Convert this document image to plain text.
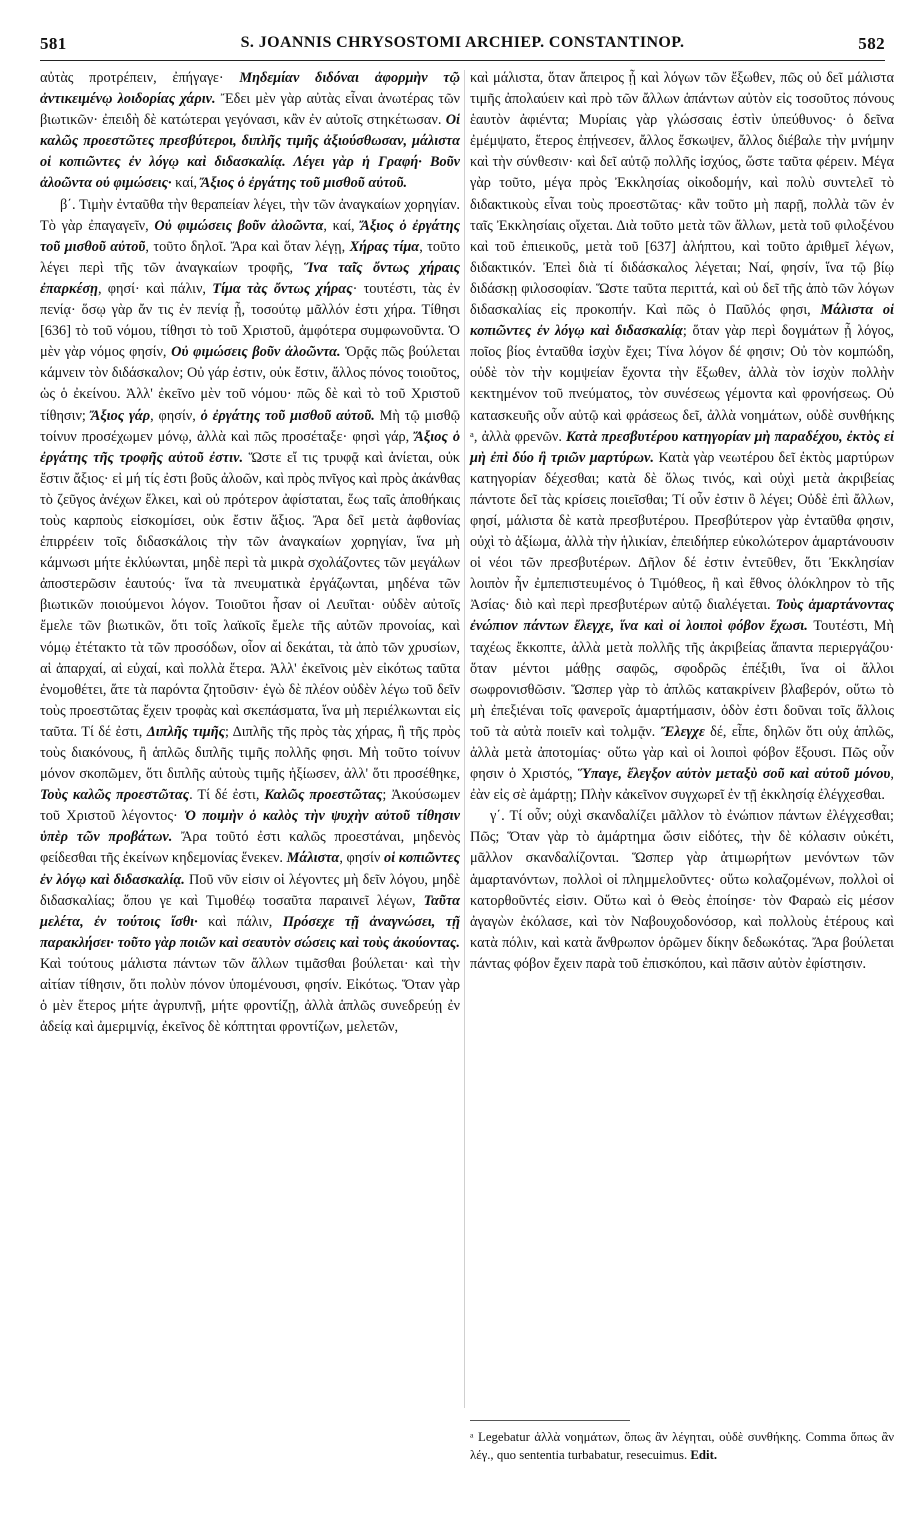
581	S. JOANNIS CHRYSOSTOMI ARCHIEP. CONSTANTINOP.	582

αὐτὰς προτρέπειν, ἐπήγαγε· Μηδεμίαν διδόναι ἀφορμὴν τῷ ἀντικειμένῳ λοιδορίας χάριν. Ἔδει μὲν γὰρ αὐτὰς εἶναι ἀνωτέρας τῶν βιωτικῶν· ἐπειδὴ δὲ κατώτεραι γεγόνασι, κἂν ἐν αὐτοῖς στηκέτωσαν. Οἱ καλῶς προεστῶτες πρεσβύτεροι, διπλῆς τιμῆς ἀξιούσθωσαν, μάλιστα οἱ κοπιῶντες ἐν λόγῳ καὶ διδασκαλίᾳ. Λέγει γὰρ ἡ Γραφή· Βοῦν ἀλοῶντα οὐ φιμώσεις· καί, Ἄξιος ὁ ἐργάτης τοῦ μισθοῦ αὐτοῦ.

β΄. Τιμὴν ἐνταῦθα τὴν θεραπείαν λέγει, τὴν τῶν ἀναγκαίων χορηγίαν. Τὸ γὰρ ἐπαγαγεῖν, Οὐ φιμώσεις βοῦν ἀλοῶντα, καί, Ἄξιος ὁ ἐργάτης τοῦ μισθοῦ αὐτοῦ, τοῦτο δηλοῖ. Ἄρα καὶ ὅταν λέγῃ, Χήρας τίμα, τοῦτο λέγει περὶ τῆς τῶν ἀναγκαίων τροφῆς, Ἵνα ταῖς ὄντως χήραις ἐπαρκέσῃ, φησί· καὶ πάλιν, Τίμα τὰς ὄντως χήρας· τουτέστι, τὰς ἐν πενίᾳ· ὅσῳ γὰρ ἄν τις ἐν πενίᾳ ᾖ, τοσούτῳ μᾶλλόν ἐστι χήρα. Τίθησι [636] τὸ τοῦ νόμου, τίθησι τὸ τοῦ Χριστοῦ, ἀμφότερα συμφωνοῦντα. Ὁ μὲν γὰρ νόμος φησίν, Οὐ φιμώσεις βοῦν ἀλοῶντα. Ὁρᾷς πῶς βούλεται κάμνειν τὸν διδάσκαλον; Οὐ γάρ ἐστιν, οὐκ ἔστιν, ἄλλος πόνος τοιοῦτος, ὡς ὁ ἐκείνου. Ἀλλ' ἐκεῖνο μὲν τοῦ νόμου· πῶς δὲ καὶ τὸ τοῦ Χριστοῦ τίθησιν; Ἄξιος γάρ, φησίν, ὁ ἐργάτης τοῦ μισθοῦ αὐτοῦ. Μὴ τῷ μισθῷ τοίνυν προσέχωμεν μόνῳ, ἀλλὰ καὶ πῶς προσέταξε· φησὶ γάρ, Ἄξιος ὁ ἐργάτης τῆς τροφῆς αὐτοῦ ἐστιν. Ὥστε εἴ τις τρυφᾷ καὶ ἀνίεται, οὐκ ἔστιν ἄξιος· εἰ μή τίς ἐστι βοῦς ἀλοῶν, καὶ πρὸς πνῖγος καὶ πρὸς ἀκάνθας τὸ ζεῦγος ἀνέχων ἕλκει, καὶ οὐ πρότερον ἀφίσταται, ἕως ταῖς ἀποθήκαις τοὺς καρποὺς εἰσκομίσει, οὐκ ἔστιν ἄξιος. Ἄρα δεῖ μετὰ ἀφθονίας ἐπιρρέειν τοῖς διδασκάλοις τὴν τῶν ἀναγκαίων χορηγίαν, ἵνα μὴ κάμνωσι μήτε ἐκλύωνται, μηδὲ περὶ τὰ μικρὰ σχολάζοντες τῶν μεγάλων ἀποστερῶσιν ἑαυτούς· ἵνα τὰ πνευματικὰ ἐργάζωνται, μηδένα τῶν βιωτικῶν ποιούμενοι λόγον. Τοιοῦτοι ἦσαν οἱ Λευῖται· οὐδὲν αὐτοῖς ἔμελε τῶν βιωτικῶν, ὅτι τοῖς λαϊκοῖς ἔμελε τῆς αὐτῶν προνοίας, καὶ νόμῳ ἐτέτακτο τὰ τῶν προσόδων, οἷον αἱ δεκάται, τὰ ἀπὸ τῶν χρυσίων, αἱ ἀπαρχαί, αἱ εὐχαί, καὶ πολλὰ ἕτερα. Ἀλλ' ἐκεῖνοις μὲν εἰκότως ταῦτα ἐνομοθέτει, ἅτε τὰ παρόντα ζητοῦσιν· ἐγὼ δὲ πλέον οὐδὲν λέγω τοῦ δεῖν τοὺς προεστῶτας ἔχειν τροφὰς καὶ σκεπάσματα, ἵνα μὴ περιέλκωνται εἰς ταῦτα. Τί δέ ἐστι, Διπλῆς τιμῆς; Διπλῆς τῆς πρὸς τὰς χήρας, ἢ τῆς πρὸς τοὺς διακόνους, ἢ ἁπλῶς διπλῆς τιμῆς πολλῆς φησι. Μὴ τοῦτο τοίνυν μόνον σκοπῶμεν, ὅτι διπλῆς αὐτοὺς τιμῆς ἠξίωσεν, ἀλλ' ὅτι προσέθηκε, Τοὺς καλῶς προεστῶτας. Τί δέ ἐστι, Καλῶς προεστῶτας; Ἀκούσωμεν τοῦ Χριστοῦ λέγοντος· Ὁ ποιμὴν ὁ καλὸς τὴν ψυχὴν αὐτοῦ τίθησιν ὑπὲρ τῶν προβάτων. Ἄρα τοῦτό ἐστι καλῶς προεστάναι, μηδενὸς φείδεσθαι τῆς ἐκείνων κηδεμονίας ἕνεκεν. Μάλιστα, φησίν οἱ κοπιῶντες ἐν λόγῳ καὶ διδασκαλίᾳ. Ποῦ νῦν εἰσιν οἱ λέγοντες μὴ δεῖν λόγου, μηδὲ διδασκαλίας; ὅπου γε καὶ Τιμοθέῳ τοσαῦτα παραινεῖ λέγων, Ταῦτα μελέτα, ἐν τούτοις ἴσθι· καὶ πάλιν, Πρόσεχε τῇ ἀναγνώσει, τῇ παρακλήσει· τοῦτο γὰρ ποιῶν καὶ σεαυτὸν σώσεις καὶ τοὺς ἀκούοντας. Καὶ τούτους μάλιστα πάντων τῶν ἄλλων τιμᾶσθαι βούλεται· καὶ τὴν αἰτίαν τίθησιν, ὅτι πολὺν πόνον ὑπομένουσι, φησίν. Εἰκότως. Ὅταν γὰρ ὁ μὲν ἕτερος μήτε ἀγρυπνῇ, μήτε φροντίζῃ, ἀλλὰ ἁπλῶς συνεδρεύῃ ἐν ἀδείᾳ καὶ ἀμεριμνίᾳ, ἐκεῖνος δὲ κόπτηται φροντίζων, μελετῶν,

καὶ μάλιστα, ὅταν ἄπειρος ᾖ καὶ λόγων τῶν ἔξωθεν, πῶς οὐ δεῖ μάλιστα τιμῆς ἀπολαύειν καὶ πρὸ τῶν ἄλλων ἁπάντων αὐτὸν εἰς τοσοῦτος πόνους ἑαυτὸν ἀφιέντα; Μυρίαις γὰρ γλώσσαις ἐστὶν ὑπεύθυνος· ὁ δεῖνα ἐμέμψατο, ἕτερος ἐπῄνεσεν, ἄλλος ἔσκωψεν, ἄλλος διέβαλε τὴν μνήμην καὶ τὴν σύνθεσιν· καὶ δεῖ αὐτῷ πολλῆς ἰσχύος, ὥστε ταῦτα φέρειν. Μέγα γὰρ τοῦτο, μέγα πρὸς Ἐκκλησίας οἰκοδομήν, καὶ πολὺ συντελεῖ τὸ διδακτικοὺς εἶναι τοὺς προεστῶτας· κἂν τοῦτο μὴ παρῇ, πολλὰ τῶν ἐν ταῖς Ἐκκλησίαις οἴχεται. Διὰ τοῦτο μετὰ τῶν ἄλλων, μετὰ τοῦ φιλοξένου καὶ τοῦ ἐπιεικοῦς, μετὰ τοῦ [637] ἀλήπτου, καὶ τοῦτο ἀριθμεῖ λέγων, διδακτικόν. Ἐπεὶ διὰ τί διδάσκαλος λέγεται; Ναί, φησίν, ἵνα τῷ βίῳ διδάσκῃ φιλοσοφίαν. Ὥστε ταῦτα περιττά, καὶ οὐ δεῖ τῆς ἀπὸ τῶν λόγων διδασκαλίας εἰς προκοπήν. Καὶ πῶς ὁ Παῦλός φησι, Μάλιστα οἱ κοπιῶντες ἐν λόγῳ καὶ διδασκαλίᾳ; ὅταν γὰρ περὶ δογμάτων ᾖ λόγος, ποῖος βίος ἐνταῦθα ἰσχὺν ἔχει; Τίνα λόγον δέ φησιν; Οὐ τὸν κομπώδη, οὐδὲ τὸν τὴν κομψείαν ἔχοντα τὴν ἔξωθεν, ἀλλὰ τὸν ἰσχὺν πολλὴν κεκτημένον τοῦ πνεύματος, τὸν συνέσεως γέμοντα καὶ φρονήσεως. Οὐ κατασκευῆς οὖν αὐτῷ καὶ φράσεως δεῖ, ἀλλὰ νοημάτων, οὐδὲ συνθήκης ᵃ, ἀλλὰ φρενῶν. Κατὰ πρεσβυτέρου κατηγορίαν μὴ παραδέχου, ἐκτὸς εἰ μὴ ἐπὶ δύο ἢ τριῶν μαρτύρων. Κατὰ γὰρ νεωτέρου δεῖ ἐκτὸς μαρτύρων κατηγορίαν δέχεσθαι; κατὰ δὲ ὅλως τινός, καὶ οὐχὶ μετὰ ἀκριβείας πάντοτε δεῖ τὰς κρίσεις ποιεῖσθαι; Τί οὖν ἐστιν ὃ λέγει; Οὐδὲ ἐπὶ ἄλλων, φησί, μάλιστα δὲ κατὰ πρεσβυτέρου. Πρεσβύτερον γὰρ ἐνταῦθα φησιν, οὐχὶ τὸ ἀξίωμα, ἀλλὰ τὴν ἡλικίαν, ἐπειδήπερ εὐκολώτερον ἁμαρτάνουσιν οἱ νέοι τῶν πρεσβυτέρων. Δῆλον δέ ἐστιν ἐντεῦθεν, ὅτι Ἐκκλησίαν λοιπὸν ἦν ἐμπεπιστευμένος ὁ Τιμόθεος, ἢ καὶ ἔθνος ὁλόκληρον τὸ τῆς Ἀσίας· διὸ καὶ περὶ πρεσβυτέρων αὐτῷ διαλέγεται. Τοὺς ἁμαρτάνοντας ἐνώπιον πάντων ἔλεγχε, ἵνα καὶ οἱ λοιποὶ φόβον ἔχωσι. Τουτέστι, Μὴ ταχέως ἔκκοπτε, ἀλλὰ μετὰ πολλῆς τῆς ἀκριβείας ἅπαντα περιεργάζου· ὅταν μέντοι μάθῃς σαφῶς, σφοδρῶς ἐπέξιθι, ἵνα οἱ ἄλλοι σωφρονισθῶσιν. Ὥσπερ γὰρ τὸ ἁπλῶς κατακρίνειν βλαβερόν, οὕτω τὸ μὴ ἐπεξιέναι τοῖς φανεροῖς ἁμαρτήμασιν, ὁδὸν ἐστι δοῦναι τοῖς ἄλλοις τοῦ τὰ αὐτὰ ποιεῖν καὶ τολμᾷν. Ἔλεγχε δέ, εἶπε, δηλῶν ὅτι οὐχ ἁπλῶς, ἀλλὰ μετὰ ἀποτομίας· οὕτω γὰρ καὶ οἱ λοιποὶ φόβον ἕξουσι. Πῶς οὖν φησιν ὁ Χριστός, Ὕπαγε, ἔλεγξον αὐτὸν μεταξὺ σοῦ καὶ αὐτοῦ μόνου, ἐὰν εἰς σὲ ἁμάρτῃ; Πλὴν κἀκεῖνον συγχωρεῖ ἐν τῇ ἐκκλησίᾳ ἐλέγχεσθαι.

γ΄. Τί οὖν; οὐχὶ σκανδαλίζει μᾶλλον τὸ ἐνώπιον πάντων ἐλέγχεσθαι; Πῶς; Ὅταν γὰρ τὸ ἁμάρτημα ὤσιν εἰδότες, τὴν δὲ κόλασιν οὐκέτι, μᾶλλον σκανδαλίζονται. Ὥσπερ γὰρ ἀτιμωρήτων μενόντων τῶν ἁμαρτανόντων, πολλοὶ οἱ πλημμελοῦντες· οὕτω κολαζομένων, πολλοὶ οἱ κατορθοῦντές εἰσιν. Οὕτω καὶ ὁ Θεὸς ἐποίησε· τὸν Φαραὼ εἰς μέσον ἀγαγὼν ἐκόλασε, καὶ τὸν Ναβουχοδονόσορ, καὶ πολλοὺς ἑτέρους καὶ κατὰ πόλιν, καὶ κατὰ ἄνθρωπον ὁρῶμεν δίκην δεδωκότας. Ἄρα βούλεται πάντας φόβον ἔχειν παρὰ τοῦ ἐπισκόπου, καὶ πᾶσιν αὐτὸν ἐφίστησιν.

ᵃ Legebatur ἀλλὰ νοημάτων, ὅπως ἂν λέγηται, οὐδὲ συνθήκης. Comma ὅπως ἂν λέγ., quo sententia turbabatur, resecuimus. Edit.
